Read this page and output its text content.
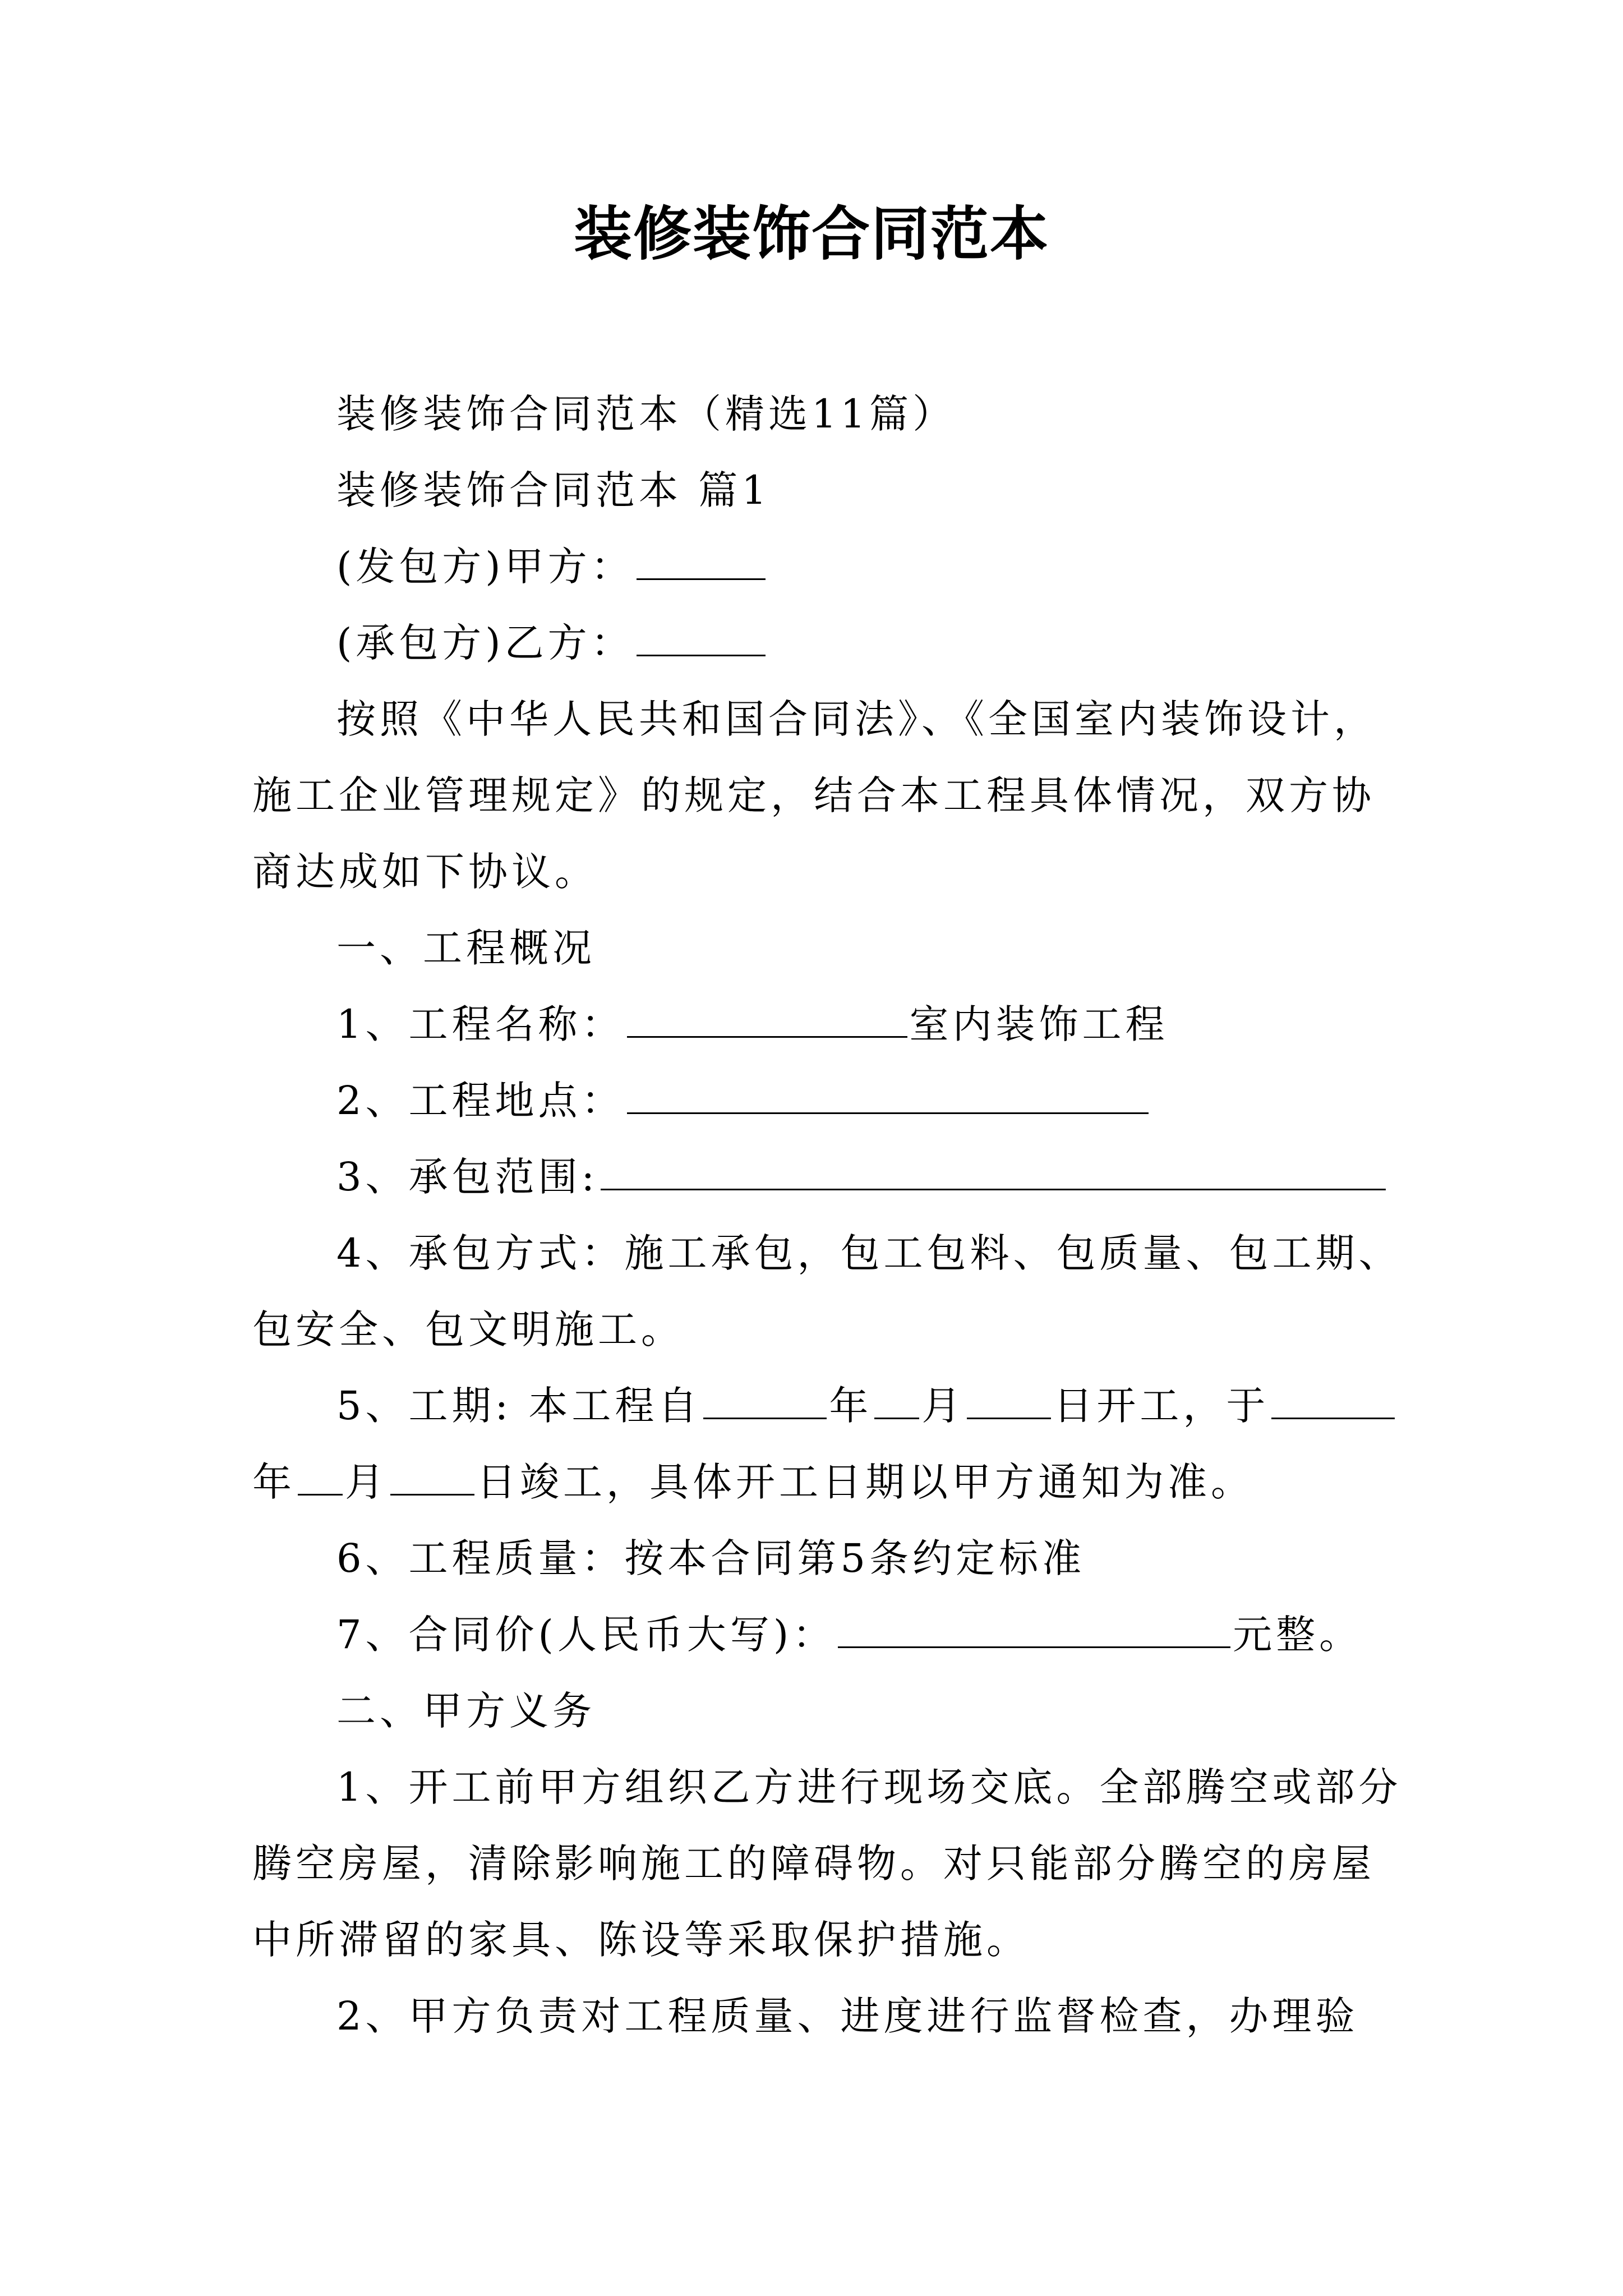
装修装饰合同范本

装修装饰合同范本（精选11篇）

装修装饰合同范本 篇1

(发包方)甲方：

(承包方)乙方：

按照《中华人民共和国合同法》、《全国室内装饰设计，施工企业管理规定》的规定，结合本工程具体情况，双方协商达成如下协议。

一、工程概况

1、工程名称：	室内装饰工程

2、工程地点：

3、承包范围:

4、承包方式：施工承包，包工包料、包质量、包工期、包安全、包文明施工。

5、工期: 本工程自	年 月 日开工，于年 月 日竣工，具体开工日期以甲方通知为准。

6、工程质量：按本合同第5条约定标准

7、合同价(人民币大写)：	元整。

二、甲方义务

1、开工前甲方组织乙方进行现场交底。全部腾空或部分腾空房屋，清除影响施工的障碍物。对只能部分腾空的房屋中所滞留的家具、陈设等采取保护措施。

2、甲方负责对工程质量、进度进行监督检查，办理验
